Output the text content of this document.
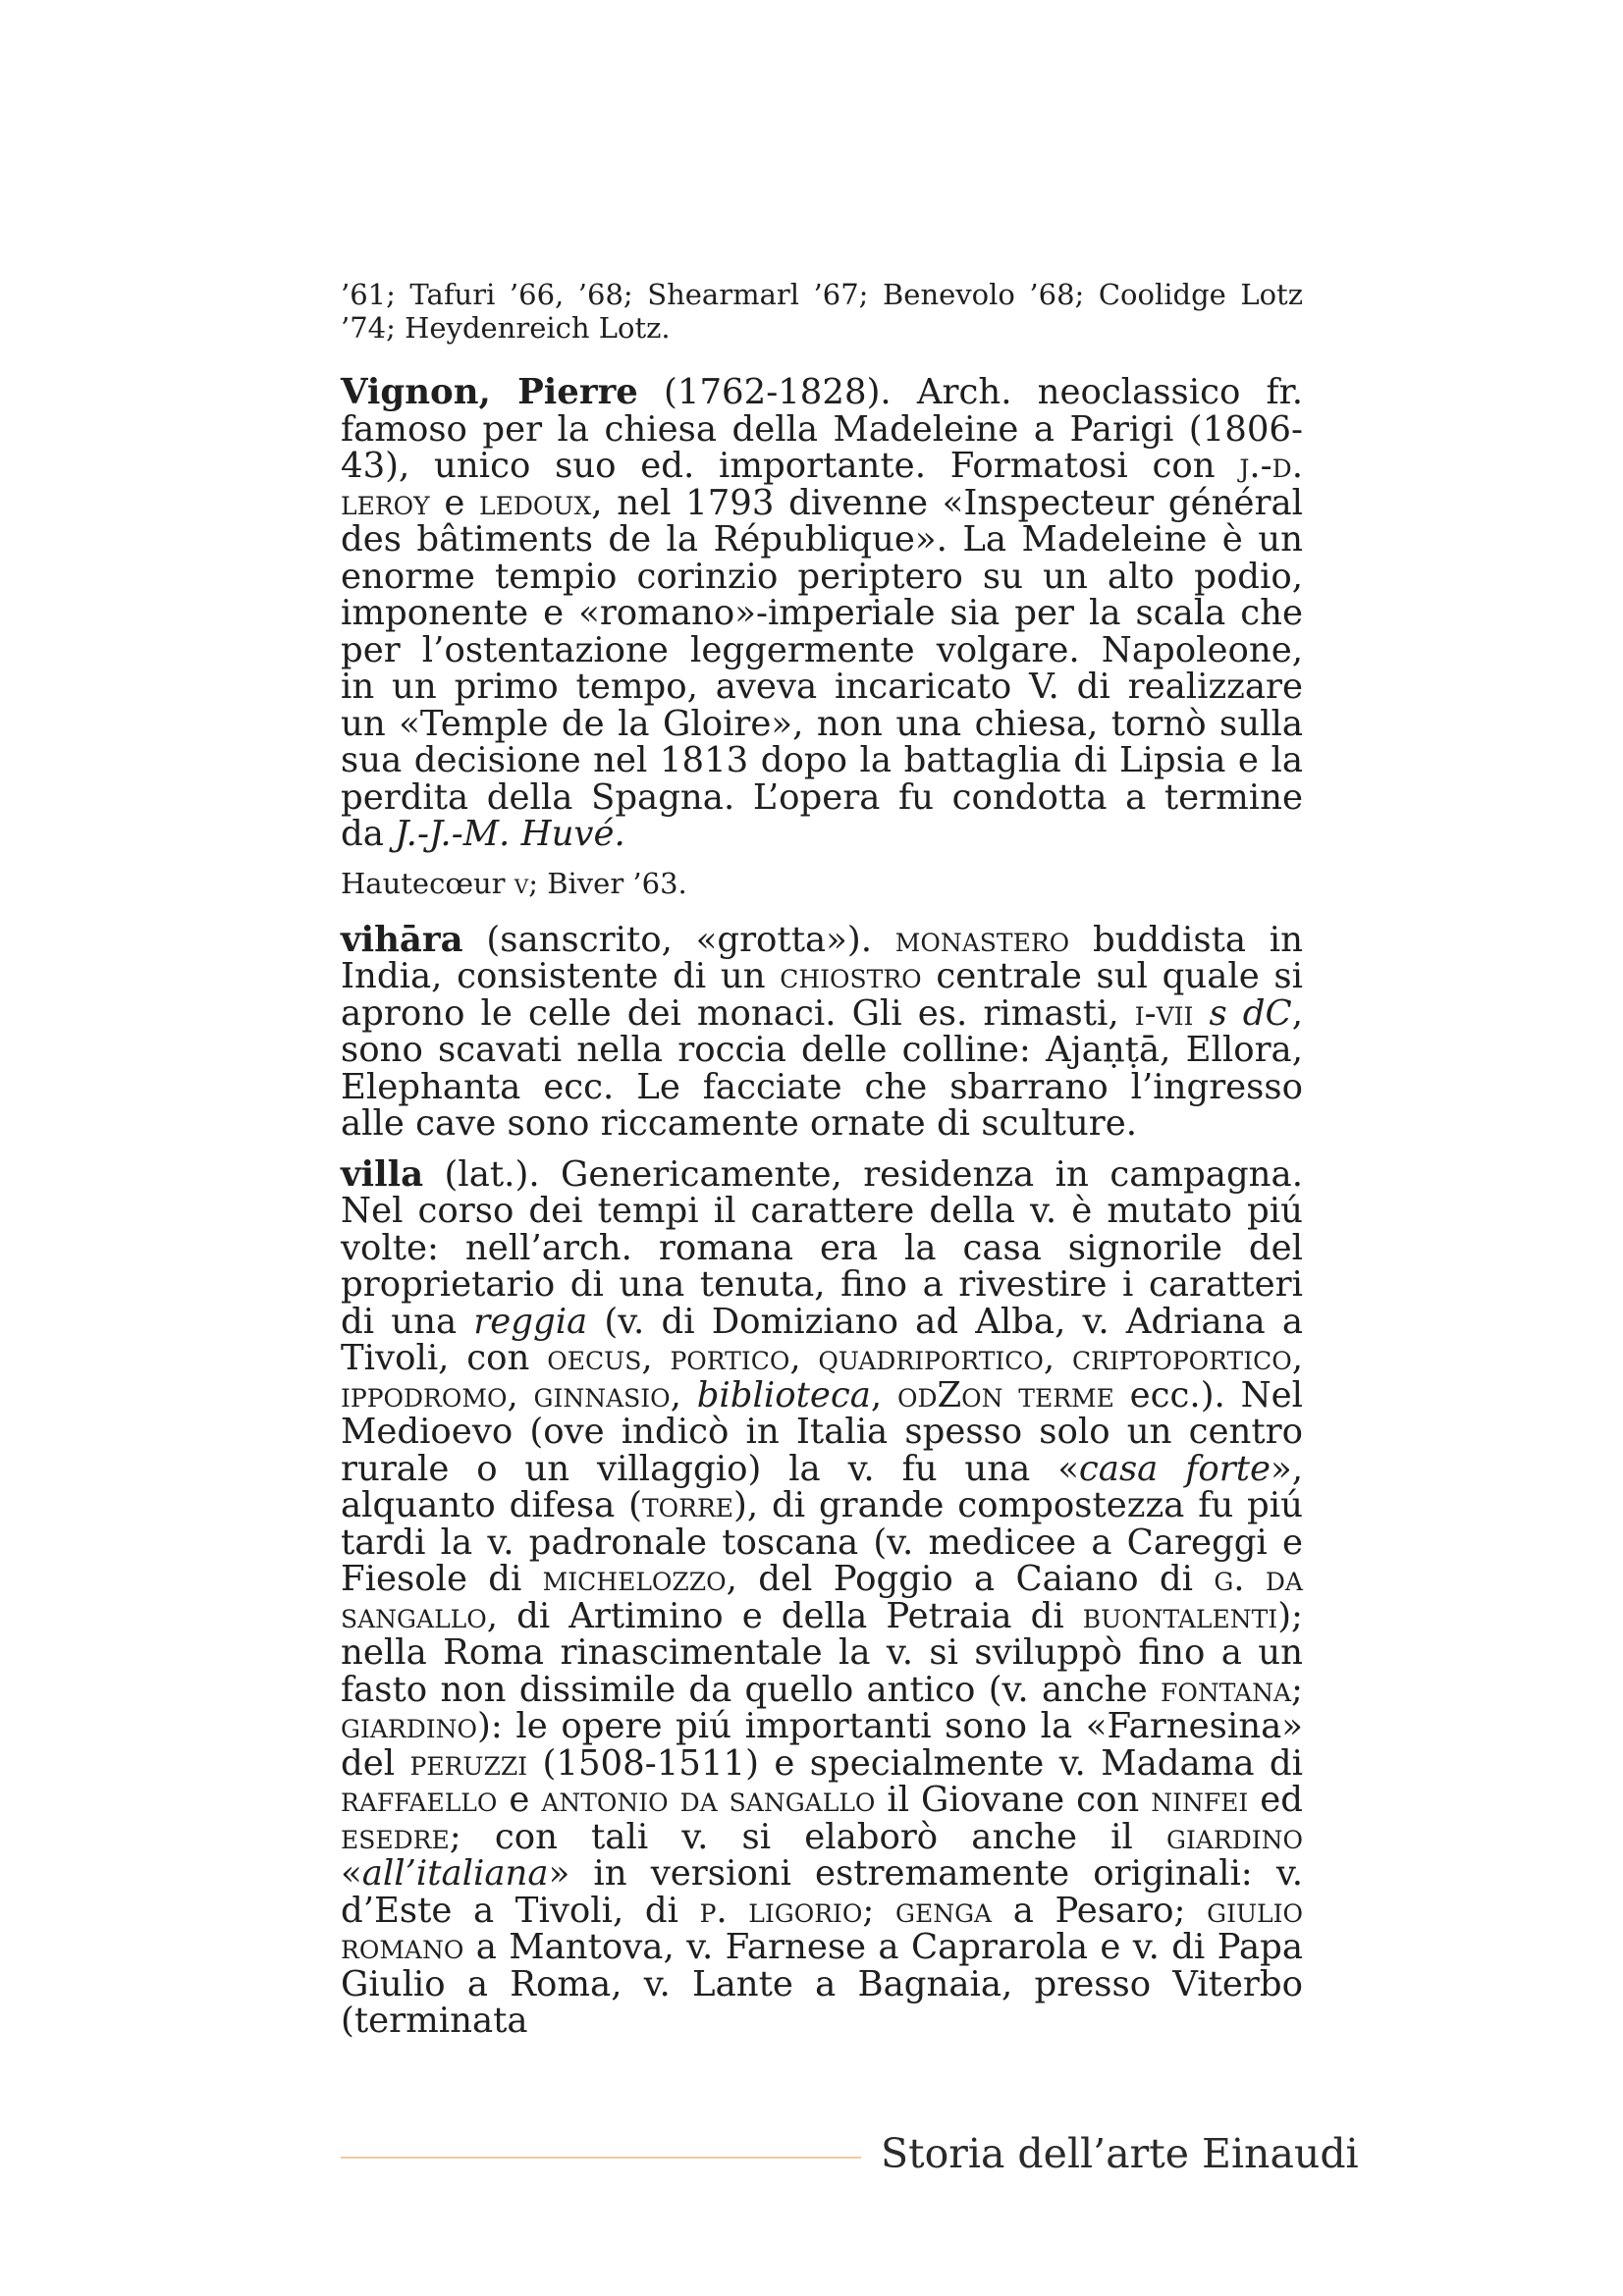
’61; Tafuri ’66, ’68; Shearmarl ’67; Benevolo ’68; Coolidge Lotz ’74; Heydenreich Lotz.

Vignon, Pierre (1762-1828). Arch. neoclassico fr. famoso per la chiesa della Madeleine a Parigi (1806-43), unico suo ed. importante. Formatosi con j.-d. leroy e ledoux, nel 1793 divenne «Inspecteur général des bâtiments de la République». La Madeleine è un enorme tempio corinzio periptero su un alto podio, imponente e «romano»-imperiale sia per la scala che per l’ostentazione leggermente volgare. Napoleone, in un primo tempo, aveva incaricato V. di realizzare un «Temple de la Gloire», non una chiesa, tornò sulla sua decisione nel 1813 dopo la battaglia di Lipsia e la perdita della Spagna. L’opera fu condotta a termine da J.-J.-M. Huvé.

Hautecœur v; Biver ’63.

vihāra (sanscrito, «grotta»). monastero buddista in India, consistente di un chiostro centrale sul quale si aprono le celle dei monaci. Gli es. rimasti, i-vii s dC, sono scavati nella roccia delle colline: Ajaṇṭā, Ellora, Elephanta ecc. Le facciate che sbarrano l’ingresso alle cave sono riccamente ornate di sculture.

villa (lat.). Genericamente, residenza in campagna. Nel corso dei tempi il carattere della v. è mutato piú volte: nell’arch. romana era la casa signorile del proprietario di una tenuta, fino a rivestire i caratteri di una reggia (v. di Domiziano ad Alba, v. Adriana a Tivoli, con oecus, portico, quadriportico, criptoportico, ippodromo, ginnasio, biblioteca, odZon terme ecc.). Nel Medioevo (ove indicò in Italia spesso solo un centro rurale o un villaggio) la v. fu una «casa forte», alquanto difesa (torre), di grande compostezza fu piú tardi la v. padronale toscana (v. medicee a Careggi e Fiesole di michelozzo, del Poggio a Caiano di g. da sangallo, di Artimino e della Petraia di buontalenti); nella Roma rinascimentale la v. si sviluppò fino a un fasto non dissimile da quello antico (v. anche fontana; giardino): le opere piú importanti sono la «Farnesina» del peruzzi (1508-1511) e specialmente v. Madama di raffaello e antonio da sangallo il Giovane con ninfei ed esedre; con tali v. si elaborò anche il giardino «all’italiana» in versioni estremamente originali: v. d’Este a Tivoli, di p. ligorio; genga a Pesaro; giulio romano a Mantova, v. Farnese a Caprarola e v. di Papa Giulio a Roma, v. Lante a Bagnaia, presso Viterbo (terminata

Storia dell’arte Einaudi
